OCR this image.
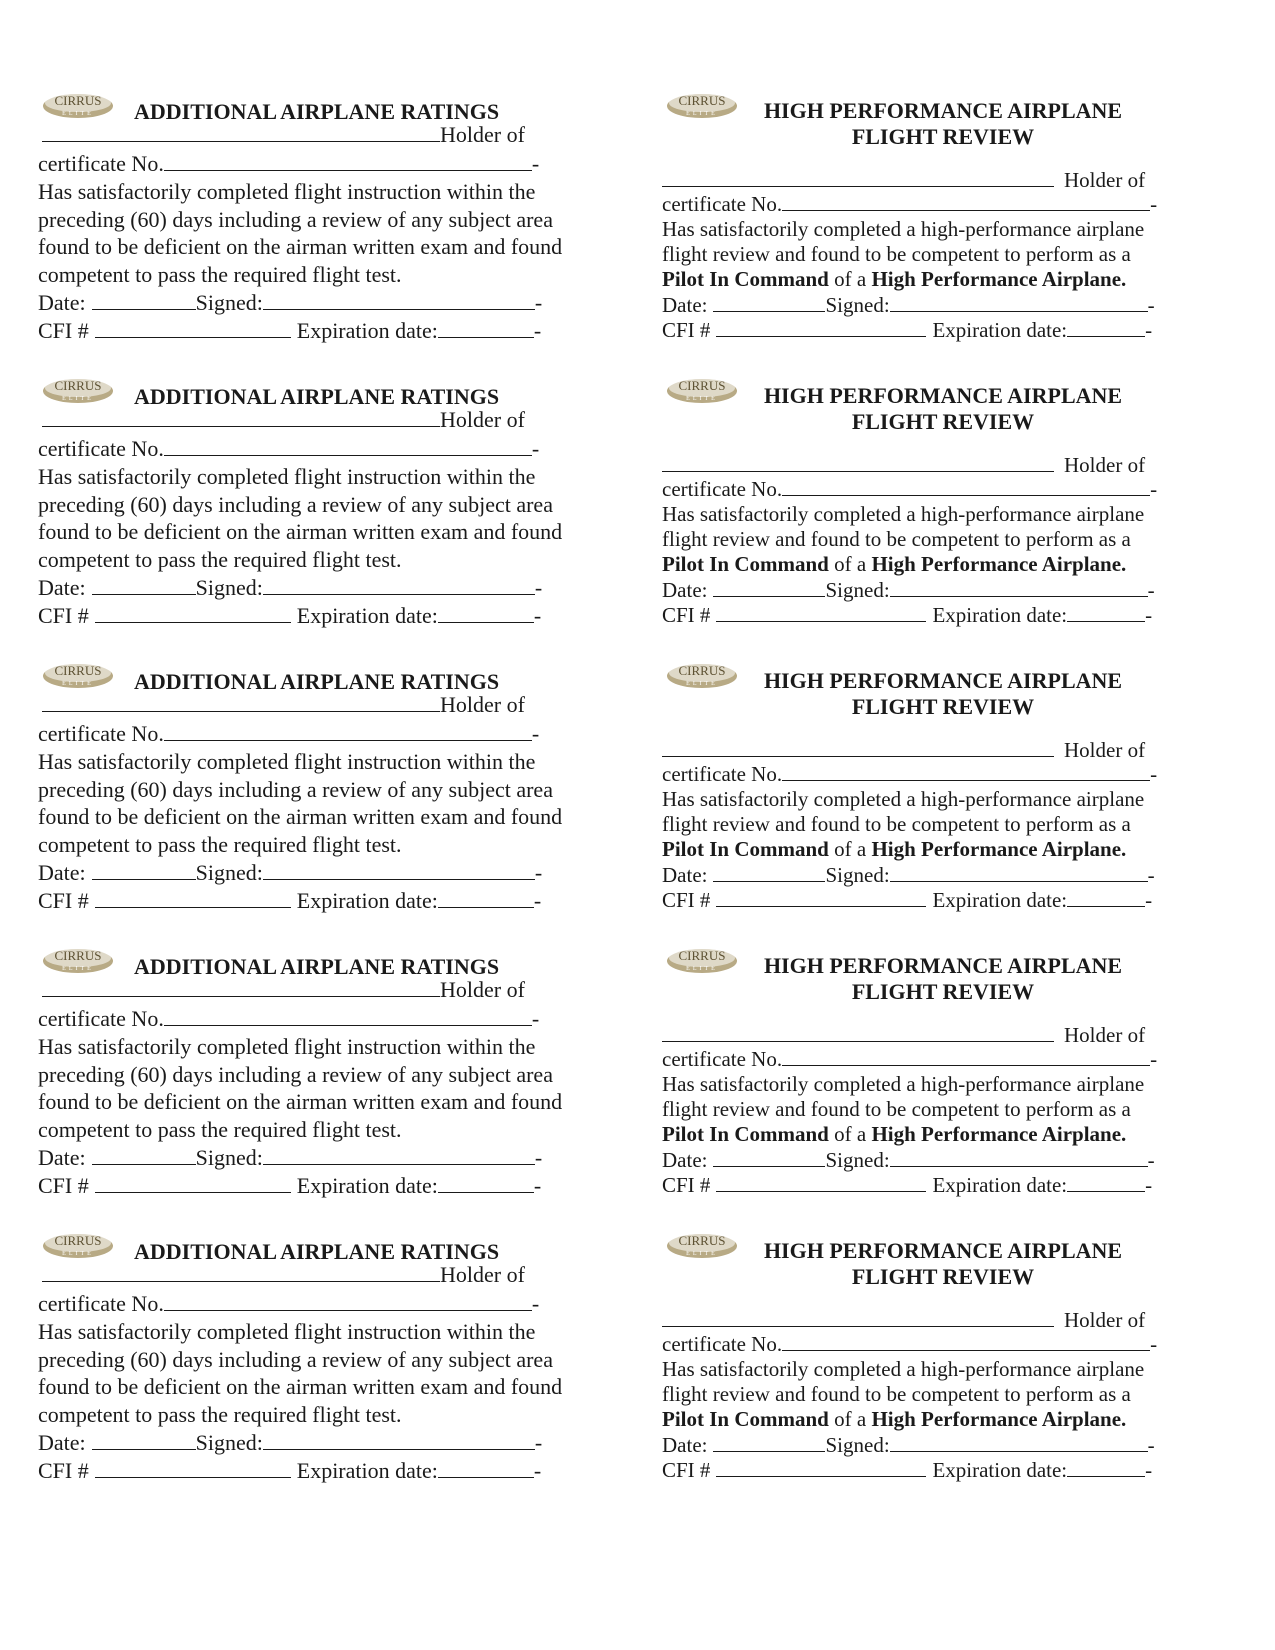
CIRRUS
ELITE ADDITIONAL AIRPLANE RATINGS
Holder of
certificate No.	-
Has satisfactorily completed flight instruction within the
preceding (60) days including a review of any subject area
found to be deficient on the airman written exam and found
competent to pass the required flight test.
Date:	Signed:	-
CFI #	Expiration date:	-
CIRRUS
ELITE ADDITIONAL AIRPLANE RATINGS
Holder of
certificate No.	-
Has satisfactorily completed flight instruction within the
preceding (60) days including a review of any subject area
found to be deficient on the airman written exam and found
competent to pass the required flight test.
Date:	Signed:	-
CFI #	Expiration date:	-
CIRRUS
ELITE ADDITIONAL AIRPLANE RATINGS
Holder of
certificate No.	-
Has satisfactorily completed flight instruction within the
preceding (60) days including a review of any subject area
found to be deficient on the airman written exam and found
competent to pass the required flight test.
Date:	Signed:	-
CFI #	Expiration date:	-
CIRRUS
ELITE ADDITIONAL AIRPLANE RATINGS
Holder of
certificate No.	-
Has satisfactorily completed flight instruction within the
preceding (60) days including a review of any subject area
found to be deficient on the airman written exam and found
competent to pass the required flight test.
Date:	Signed:	-
CFI #	Expiration date:	-
CIRRUS
ELITE ADDITIONAL AIRPLANE RATINGS
Holder of
certificate No.	-
Has satisfactorily completed flight instruction within the
preceding (60) days including a review of any subject area
found to be deficient on the airman written exam and found
competent to pass the required flight test.
Date:	Signed:	-
CFI #	Expiration date:	-
CIRRUS
ELITE	HIGH PERFORMANCE AIRPLANE
FLIGHT REVIEW
Holder of
certificate No.	-
Has satisfactorily completed a high-performance airplane
flight review and found to be competent to perform as a
Pilot In Command of a High Performance Airplane.
Date:	Signed:	-
CFI #	Expiration date:	-
CIRRUS
ELITE	HIGH PERFORMANCE AIRPLANE
FLIGHT REVIEW
Holder of
certificate No.	-
Has satisfactorily completed a high-performance airplane
flight review and found to be competent to perform as a
Pilot In Command of a High Performance Airplane.
Date:	Signed:	-
CFI #	Expiration date:	-
CIRRUS
ELITE	HIGH PERFORMANCE AIRPLANE
FLIGHT REVIEW
Holder of
certificate No.	-
Has satisfactorily completed a high-performance airplane
flight review and found to be competent to perform as a
Pilot In Command of a High Performance Airplane.
Date:	Signed:	-
CFI #	Expiration date:	-
CIRRUS
ELITE	HIGH PERFORMANCE AIRPLANE
FLIGHT REVIEW
Holder of
certificate No.	-
Has satisfactorily completed a high-performance airplane
flight review and found to be competent to perform as a
Pilot In Command of a High Performance Airplane.
Date:	Signed:	-
CFI #	Expiration date:	-
CIRRUS
ELITE	HIGH PERFORMANCE AIRPLANE
FLIGHT REVIEW
Holder of
certificate No.	-
Has satisfactorily completed a high-performance airplane
flight review and found to be competent to perform as a
Pilot In Command of a High Performance Airplane.
Date:	Signed:	-
CFI #	Expiration date:	-
